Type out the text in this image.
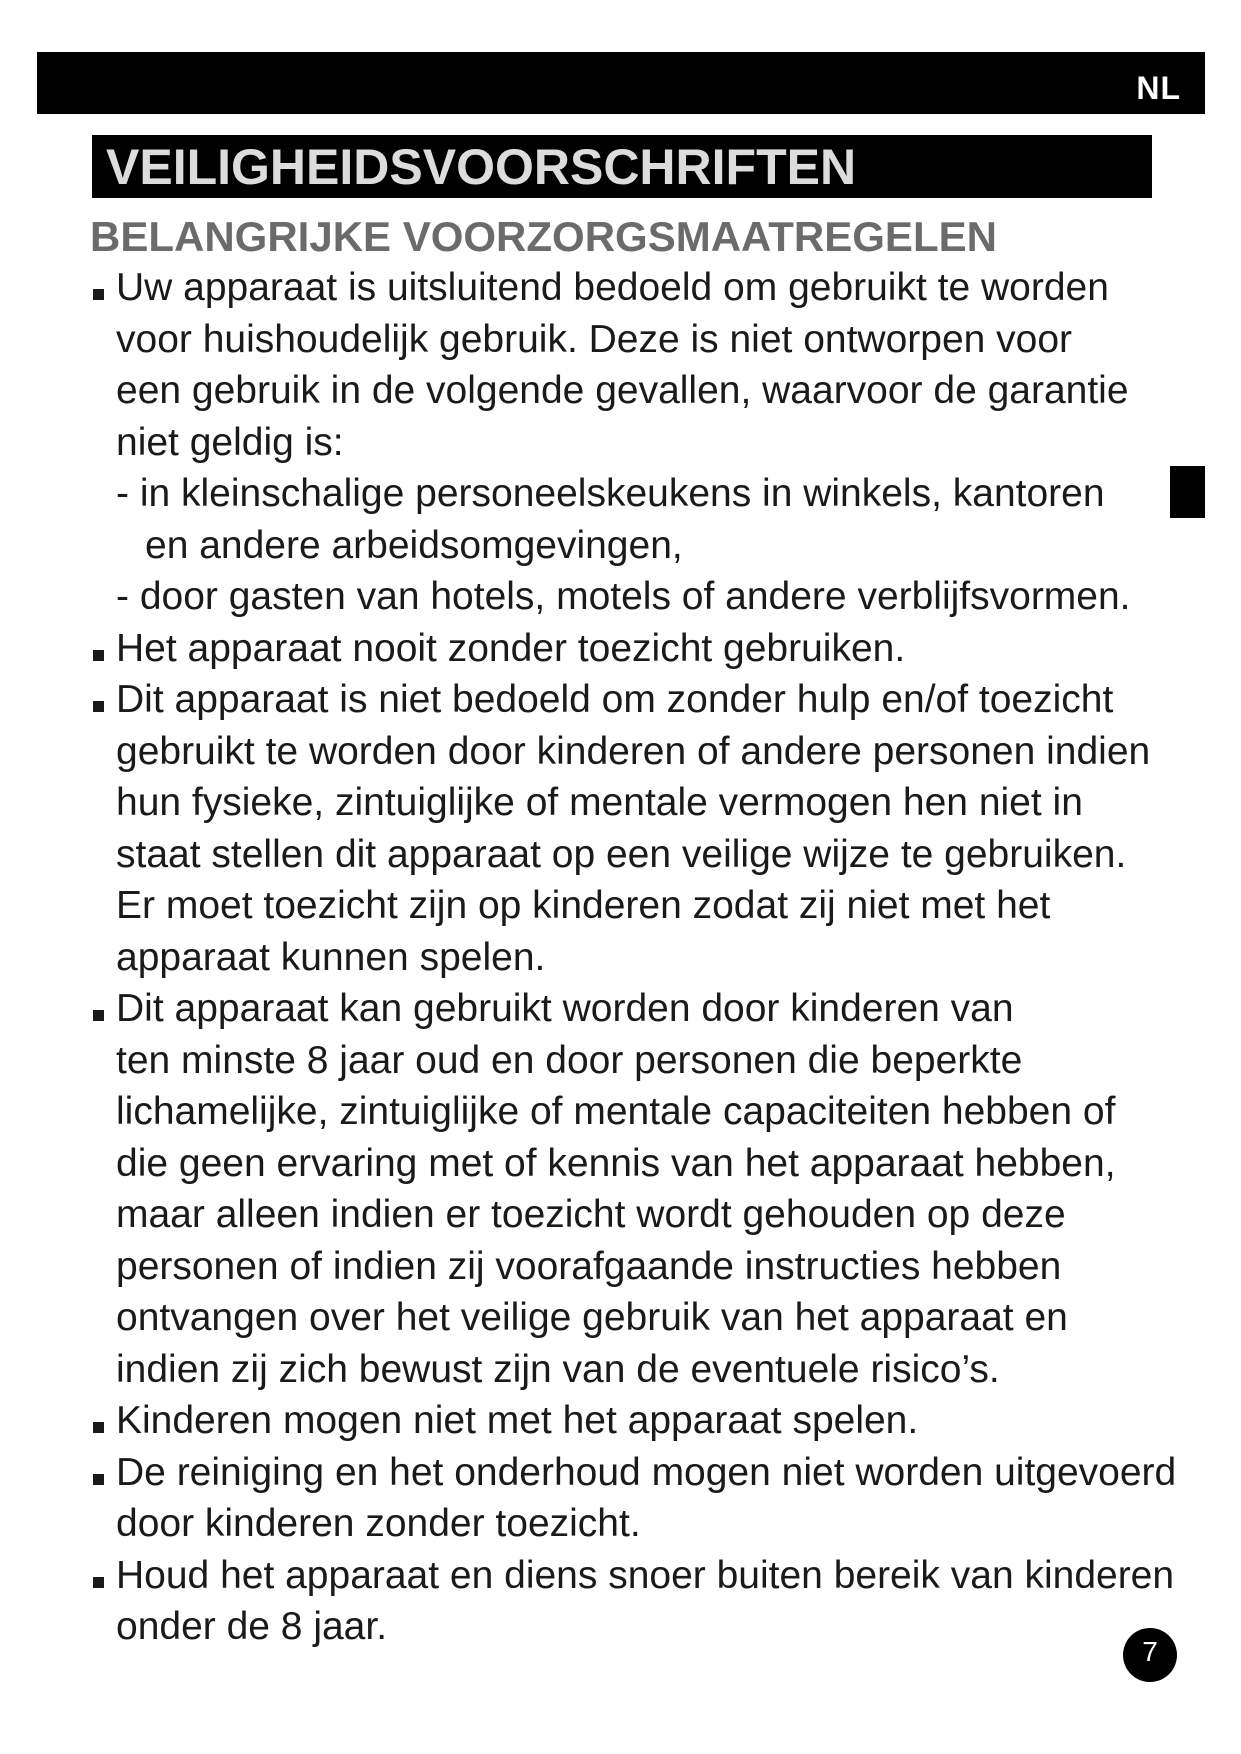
NL
VEILIGHEIDSVOORSCHRIFTEN
BELANGRIJKE VOORZORGSMAATREGELEN
Uw apparaat is uitsluitend bedoeld om gebruikt te worden
voor huishoudelijk gebruik. Deze is niet ontworpen voor
een gebruik in de volgende gevallen, waarvoor de garantie
niet geldig is:
- in kleinschalige personeelskeukens in winkels, kantoren
en andere arbeidsomgevingen,
- door gasten van hotels, motels of andere verblijfsvormen.
Het apparaat nooit zonder toezicht gebruiken.
Dit apparaat is niet bedoeld om zonder hulp en/of toezicht
gebruikt te worden door kinderen of andere personen indien
hun fysieke, zintuiglijke of mentale vermogen hen niet in
staat stellen dit apparaat op een veilige wijze te gebruiken.
Er moet toezicht zijn op kinderen zodat zij niet met het
apparaat kunnen spelen.
Dit apparaat kan gebruikt worden door kinderen van
ten minste 8 jaar oud en door personen die beperkte
lichamelijke, zintuiglijke of mentale capaciteiten hebben of
die geen ervaring met of kennis van het apparaat hebben,
maar alleen indien er toezicht wordt gehouden op deze
personen of indien zij voorafgaande instructies hebben
ontvangen over het veilige gebruik van het apparaat en
indien zij zich bewust zijn van de eventuele risico’s.
Kinderen mogen niet met het apparaat spelen.
De reiniging en het onderhoud mogen niet worden uitgevoerd
door kinderen zonder toezicht.
Houd het apparaat en diens snoer buiten bereik van kinderen
onder de 8 jaar.
7
